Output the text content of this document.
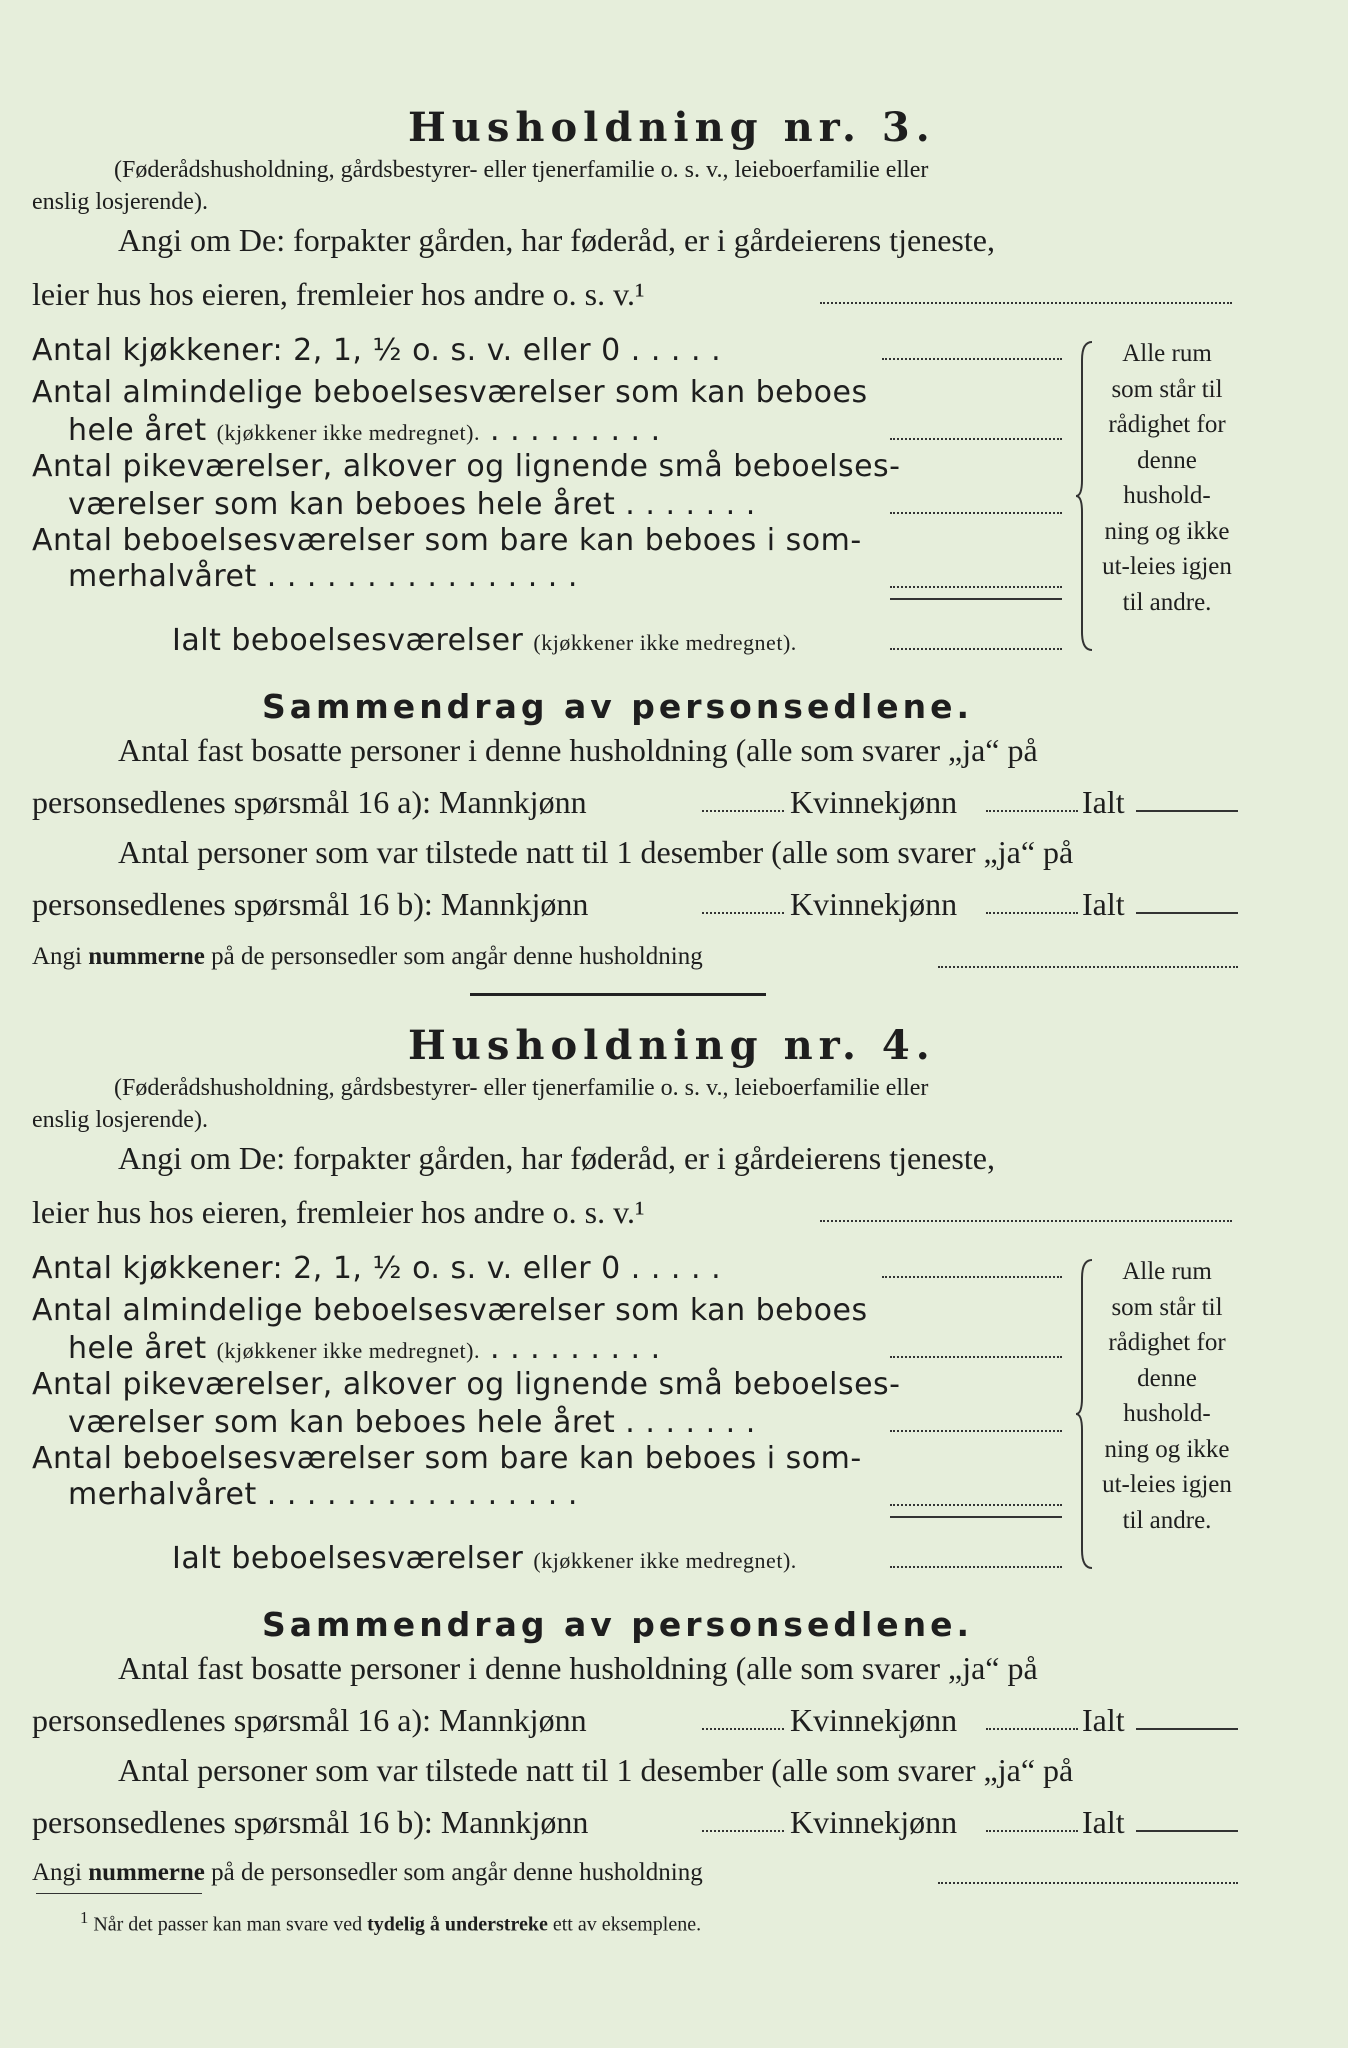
Husholdning nr. 3.
(Føderådshusholdning, gårdsbestyrer- eller tjenerfamilie o. s. v., leieboerfamilie eller
enslig losjerende).
Angi om De: forpakter gården, har føderåd, er i gårdeierens tjeneste,
leier hus hos eieren, fremleier hos andre o. s. v.¹
Antal kjøkkener: 2, 1, ½ o. s. v. eller 0 . . . . .
Antal almindelige beboelsesværelser som kan beboes
hele året (kjøkkener ikke medregnet). . . . . . . . . .
Antal pikeværelser, alkover og lignende små beboelses-
værelser som kan beboes hele året . . . . . . .
Antal beboelsesværelser som bare kan beboes i som-
merhalvåret . . . . . . . . . . . . . . . .
Ialt beboelsesværelser (kjøkkener ikke medregnet).
Alle rum som står til rådighet for denne hushold-ning og ikke ut-leies igjen til andre.
Sammendrag av personsedlene.
Antal fast bosatte personer i denne husholdning (alle som svarer „ja“ på
personsedlenes spørsmål 16 a): Mannkjønn	Kvinnekjønn	Ialt
Antal personer som var tilstede natt til 1 desember (alle som svarer „ja“ på
personsedlenes spørsmål 16 b): Mannkjønn	Kvinnekjønn	Ialt
Angi nummerne på de personsedler som angår denne husholdning
Husholdning nr. 4.
(Føderådshusholdning, gårdsbestyrer- eller tjenerfamilie o. s. v., leieboerfamilie eller
enslig losjerende).
Angi om De: forpakter gården, har føderåd, er i gårdeierens tjeneste,
leier hus hos eieren, fremleier hos andre o. s. v.¹
Antal kjøkkener: 2, 1, ½ o. s. v. eller 0 . . . . .
Antal almindelige beboelsesværelser som kan beboes
hele året (kjøkkener ikke medregnet). . . . . . . . . .
Antal pikeværelser, alkover og lignende små beboelses-
værelser som kan beboes hele året . . . . . . .
Antal beboelsesværelser som bare kan beboes i som-
merhalvåret . . . . . . . . . . . . . . . .
Ialt beboelsesværelser (kjøkkener ikke medregnet).
Alle rum som står til rådighet for denne hushold-ning og ikke ut-leies igjen til andre.
Sammendrag av personsedlene.
Antal fast bosatte personer i denne husholdning (alle som svarer „ja“ på
personsedlenes spørsmål 16 a): Mannkjønn	Kvinnekjønn	Ialt
Antal personer som var tilstede natt til 1 desember (alle som svarer „ja“ på
personsedlenes spørsmål 16 b): Mannkjønn	Kvinnekjønn	Ialt
Angi nummerne på de personsedler som angår denne husholdning
$^1$ Når det passer kan man svare ved tydelig å understreke ett av eksemplene.
